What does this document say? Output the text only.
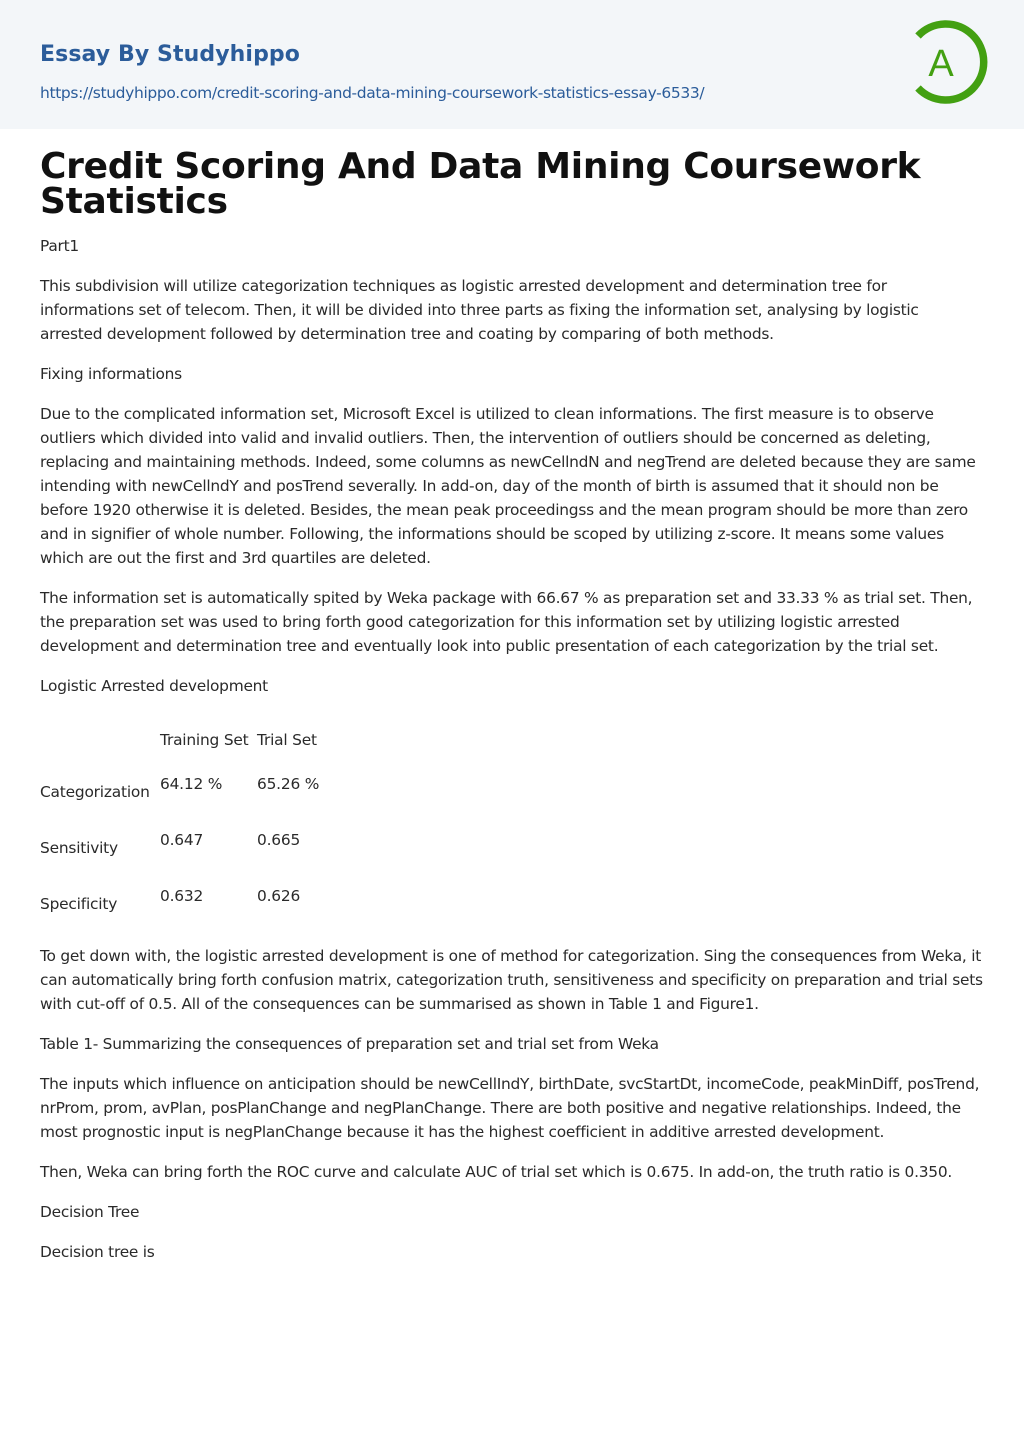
Essay By Studyhippo
https://studyhippo.com/credit-scoring-and-data-mining-coursework-statistics-essay-6533/
A
Credit Scoring And Data Mining Coursework Statistics

Part1

This subdivision will utilize categorization techniques as logistic arrested development and determination tree for informations set of telecom. Then, it will be divided into three parts as fixing the information set, analysing by logistic arrested development followed by determination tree and coating by comparing of both methods.

Fixing informations

Due to the complicated information set, Microsoft Excel is utilized to clean informations. The first measure is to observe outliers which divided into valid and invalid outliers. Then, the intervention of outliers should be concerned as deleting, replacing and maintaining methods. Indeed, some columns as newCellndN and negTrend are deleted because they are same intending with newCellndY and posTrend severally. In add-on, day of the month of birth is assumed that it should non be before 1920 otherwise it is deleted. Besides, the mean peak proceedingss and the mean program should be more than zero and in signifier of whole number. Following, the informations should be scoped by utilizing z-score. It means some values which are out the first and 3rd quartiles are deleted.

The information set is automatically spited by Weka package with 66.67 % as preparation set and 33.33 % as trial set. Then, the preparation set was used to bring forth good categorization for this information set by utilizing logistic arrested development and determination tree and eventually look into public presentation of each categorization by the trial set.

Logistic Arrested development

	Training Set	Trial Set
Categorization	64.12 %	65.26 %
Sensitivity	0.647	0.665
Specificity	0.632	0.626

To get down with, the logistic arrested development is one of method for categorization. Sing the consequences from Weka, it can automatically bring forth confusion matrix, categorization truth, sensitiveness and specificity on preparation and trial sets with cut-off of 0.5. All of the consequences can be summarised as shown in Table 1 and Figure1.

Table 1- Summarizing the consequences of preparation set and trial set from Weka

The inputs which influence on anticipation should be newCellIndY, birthDate, svcStartDt, incomeCode, peakMinDiff, posTrend, nrProm, prom, avPlan, posPlanChange and negPlanChange. There are both positive and negative relationships. Indeed, the most prognostic input is negPlanChange because it has the highest coefficient in additive arrested development.

Then, Weka can bring forth the ROC curve and calculate AUC of trial set which is 0.675. In add-on, the truth ratio is 0.350.

Decision Tree

Decision tree is
